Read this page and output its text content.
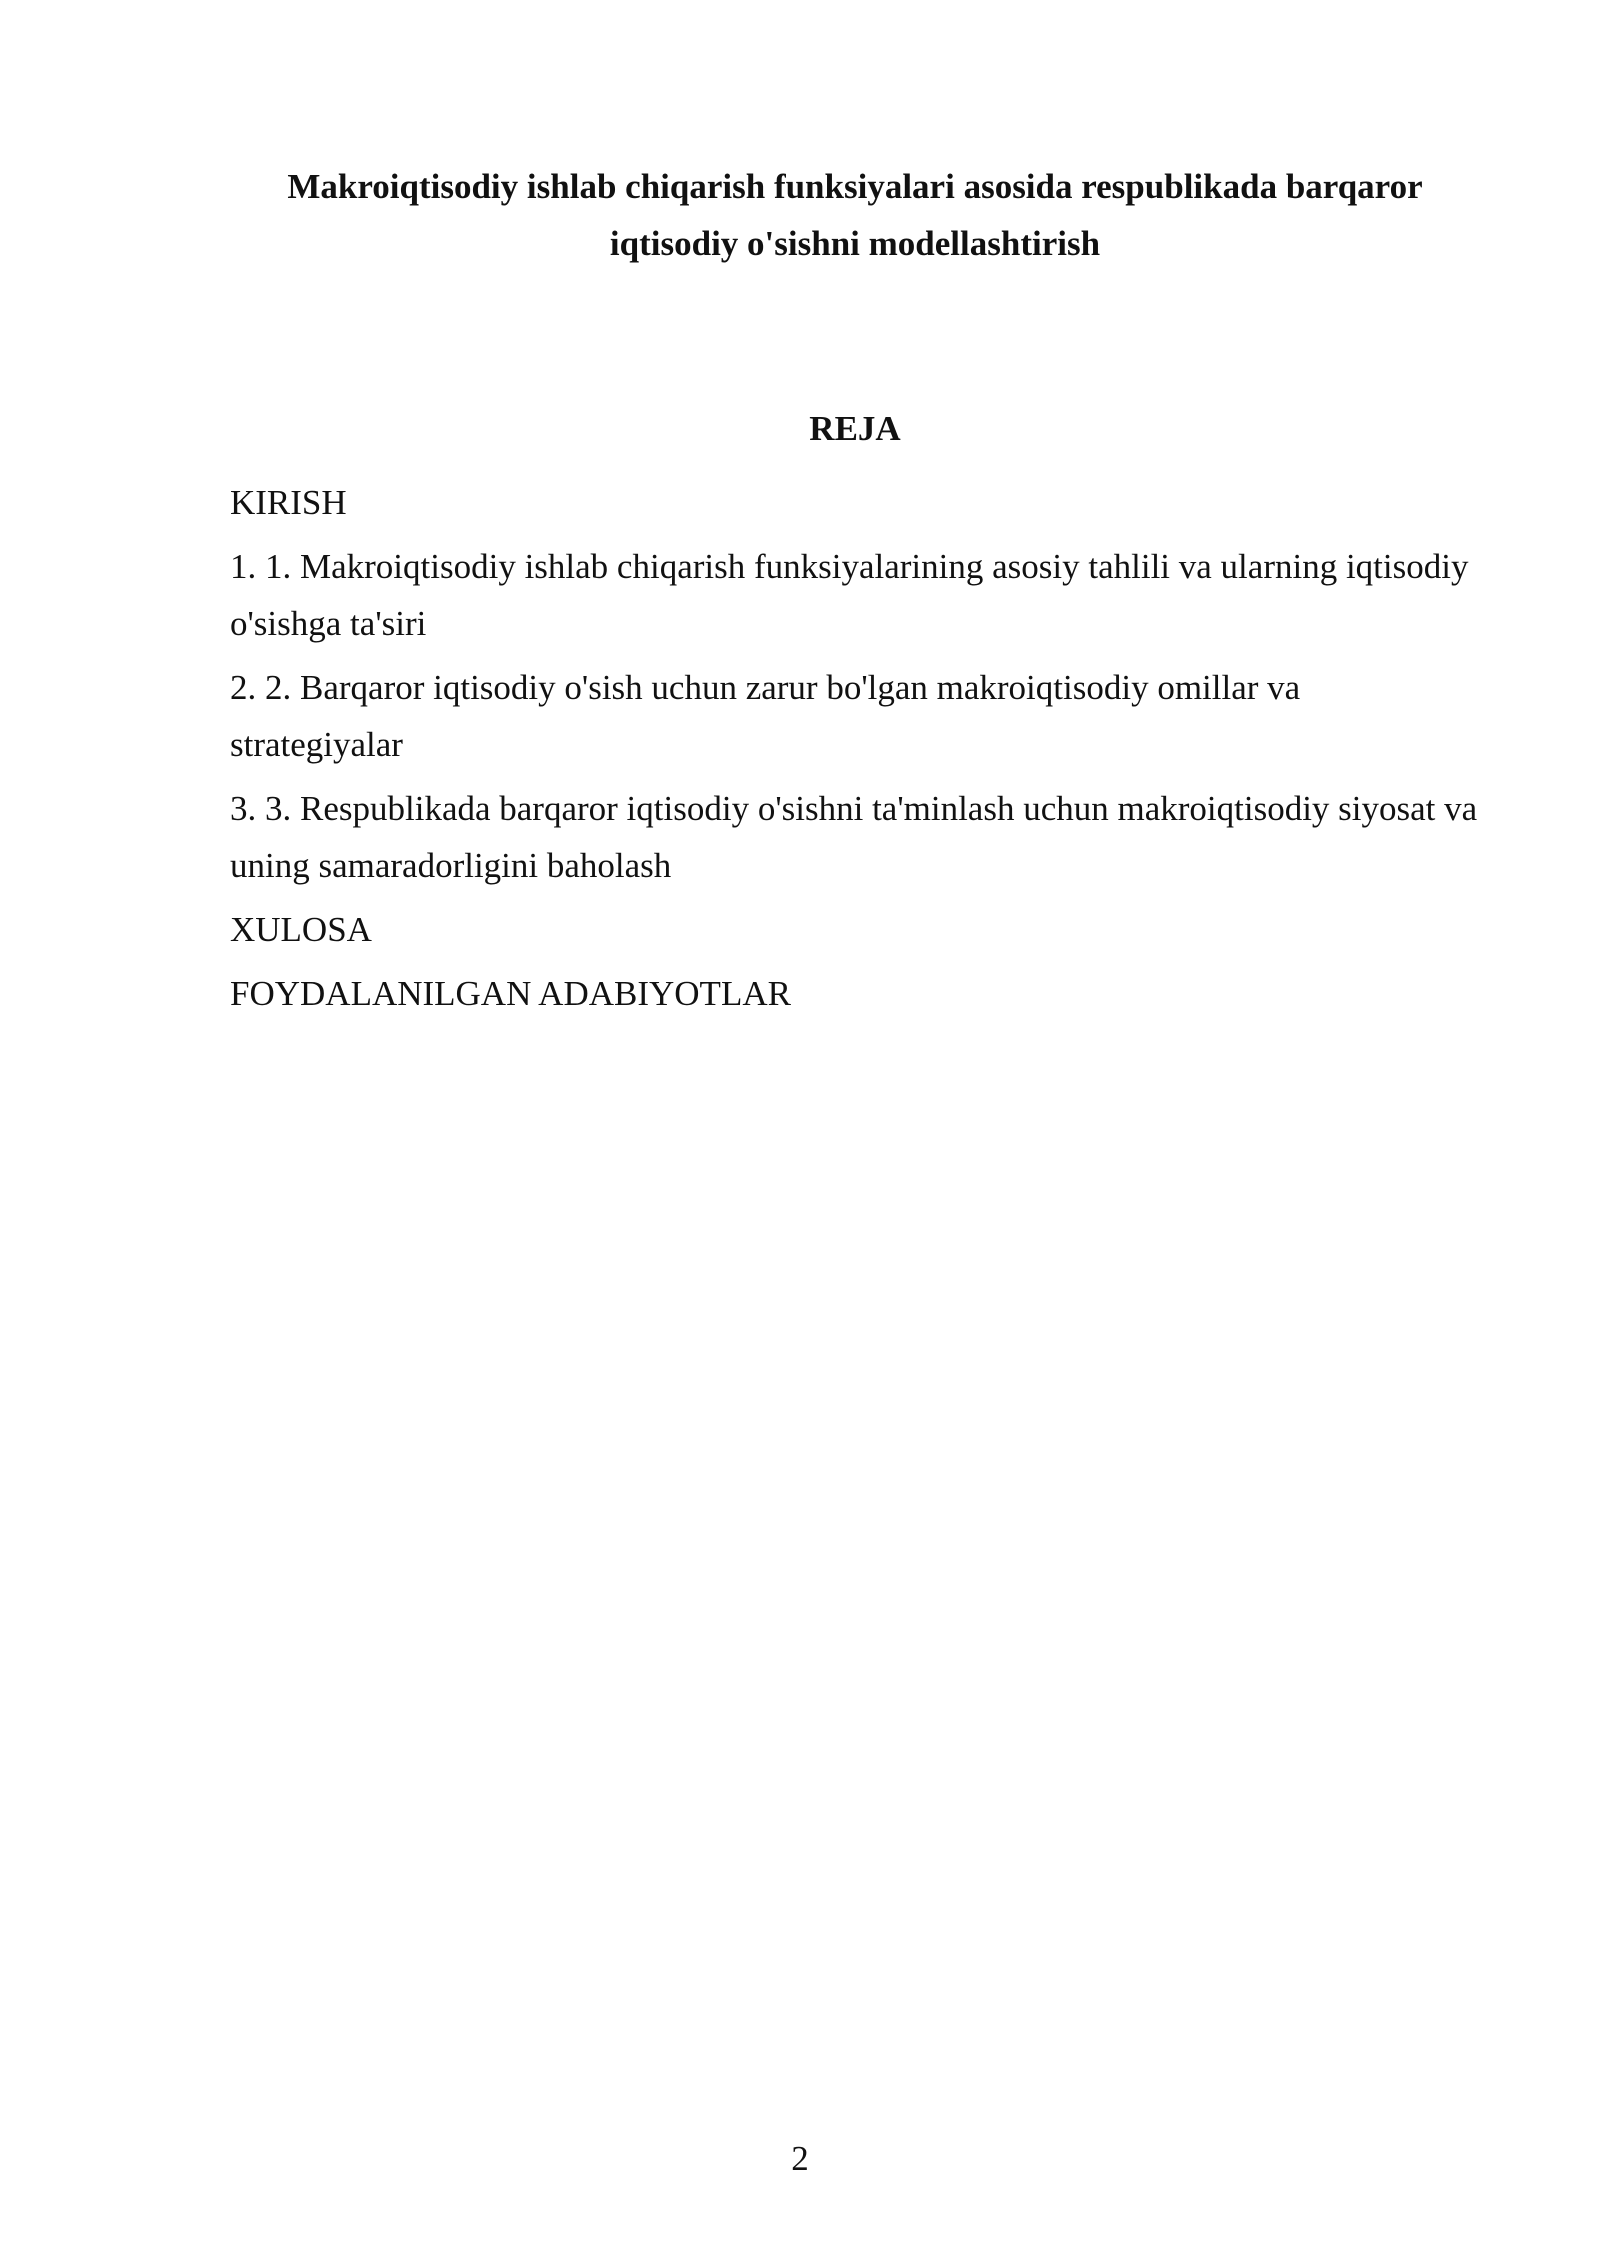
Makroiqtisodiy ishlab chiqarish funksiyalari asosida respublikada barqaror
iqtisodiy o'sishni modellashtirish
REJA
KIRISH
1. 1. Makroiqtisodiy ishlab chiqarish funksiyalarining asosiy tahlili va ularning iqtisodiy o'sishga ta'siri
2. 2. Barqaror iqtisodiy o'sish uchun zarur bo'lgan makroiqtisodiy omillar va strategiyalar
3. 3. Respublikada barqaror iqtisodiy o'sishni ta'minlash uchun makroiqtisodiy siyosat va uning samaradorligini baholash
XULOSA
FOYDALANILGAN ADABIYOTLAR
2
